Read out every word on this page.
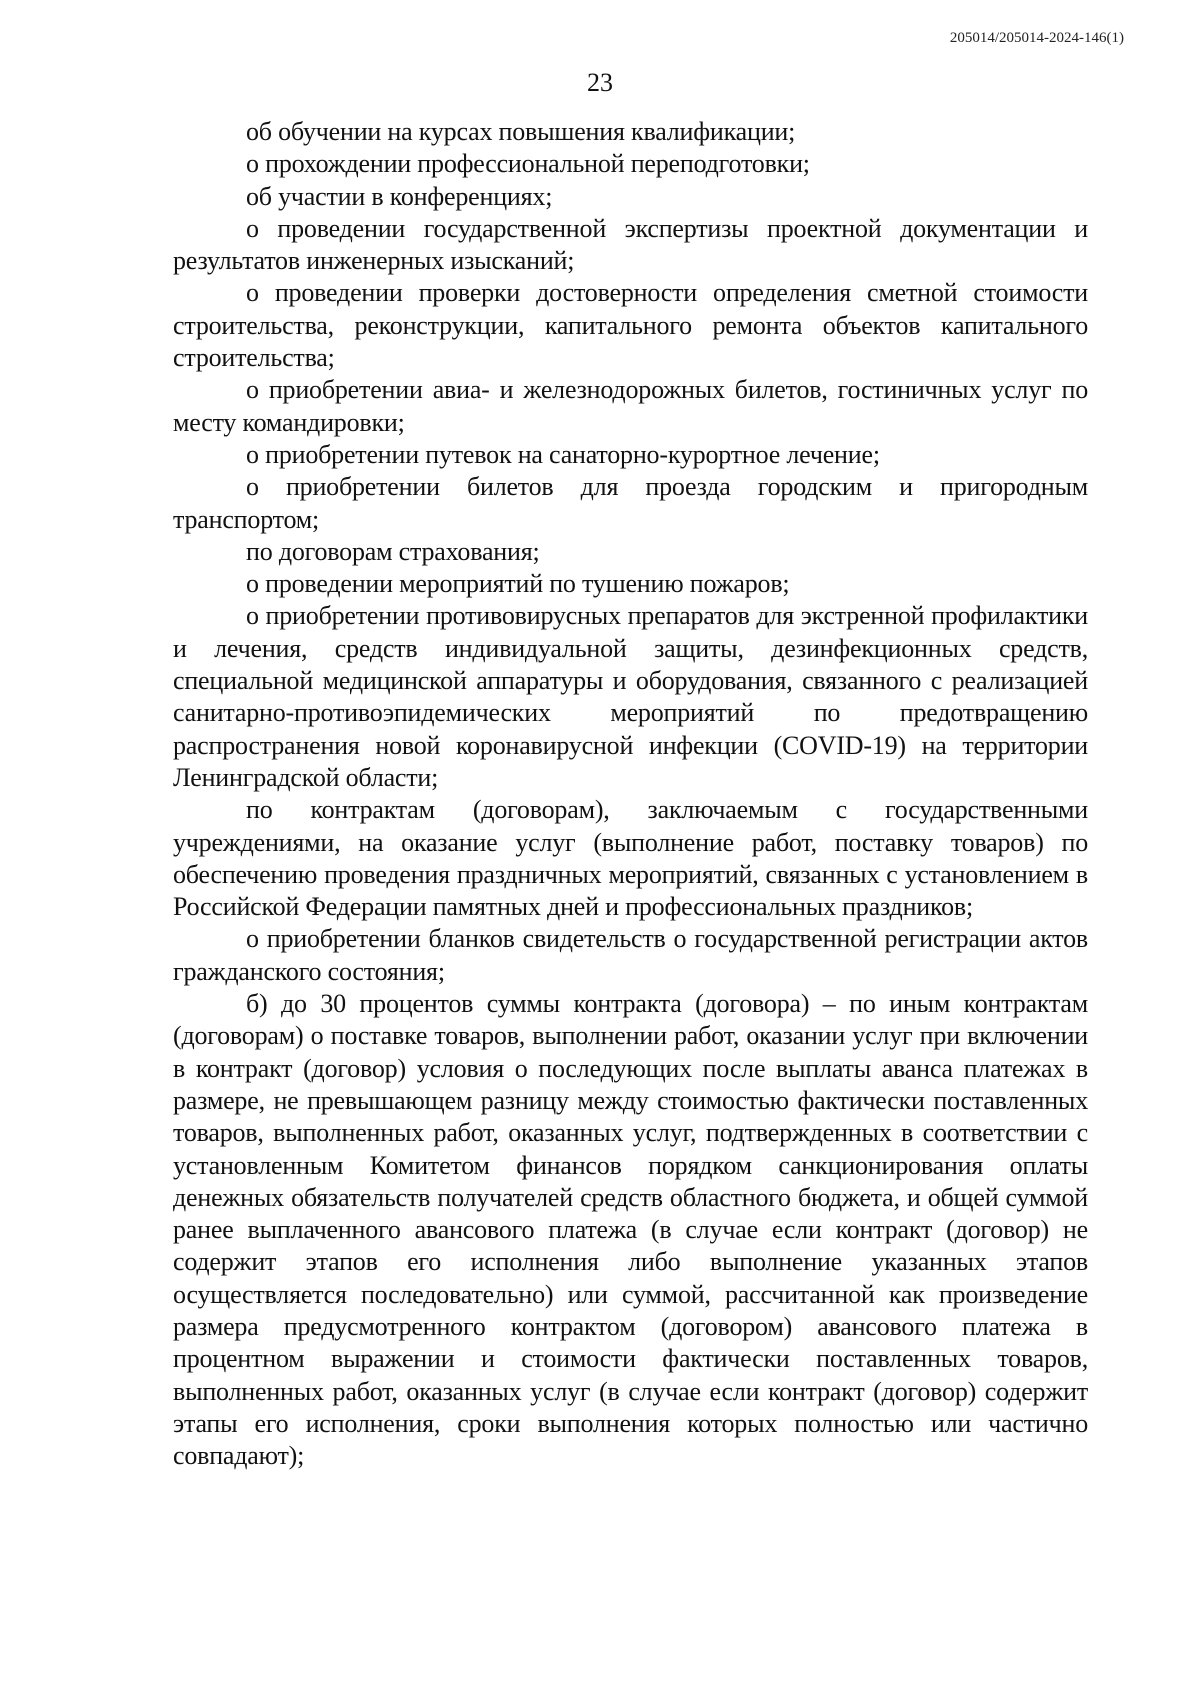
205014/205014-2024-146(1)
23

об обучении на курсах повышения квалификации;

о прохождении профессиональной переподготовки;

об участии в конференциях;

о проведении государственной экспертизы проектной документации и результатов инженерных изысканий;

о проведении проверки достоверности определения сметной стоимости строительства, реконструкции, капитального ремонта объектов капитального строительства;

о приобретении авиа- и железнодорожных билетов, гостиничных услуг по месту командировки;

о приобретении путевок на санаторно-курортное лечение;

о приобретении билетов для проезда городским и пригородным транспортом;

по договорам страхования;

о проведении мероприятий по тушению пожаров;

о приобретении противовирусных препаратов для экстренной профилактики и лечения, средств индивидуальной защиты, дезинфекционных средств, специальной медицинской аппаратуры и оборудования, связанного с реализацией санитарно-противоэпидемических мероприятий по предотвращению распространения новой коронавирусной инфекции (COVID-19) на территории Ленинградской области;

по контрактам (договорам), заключаемым с государственными учреждениями, на оказание услуг (выполнение работ, поставку товаров) по обеспечению проведения праздничных мероприятий, связанных с установлением в Российской Федерации памятных дней и профессиональных праздников;

о приобретении бланков свидетельств о государственной регистрации актов гражданского состояния;

б) до 30 процентов суммы контракта (договора) – по иным контрактам (договорам) о поставке товаров, выполнении работ, оказании услуг при включении в контракт (договор) условия о последующих после выплаты аванса платежах в размере, не превышающем разницу между стоимостью фактически поставленных товаров, выполненных работ, оказанных услуг, подтвержденных в соответствии с установленным Комитетом финансов порядком санкционирования оплаты денежных обязательств получателей средств областного бюджета, и общей суммой ранее выплаченного авансового платежа (в случае если контракт (договор) не содержит этапов его исполнения либо выполнение указанных этапов осуществляется последовательно) или суммой, рассчитанной как произведение размера предусмотренного контрактом (договором) авансового платежа в процентном выражении и стоимости фактически поставленных товаров, выполненных работ, оказанных услуг (в случае если контракт (договор) содержит этапы его исполнения, сроки выполнения которых полностью или частично совпадают);
